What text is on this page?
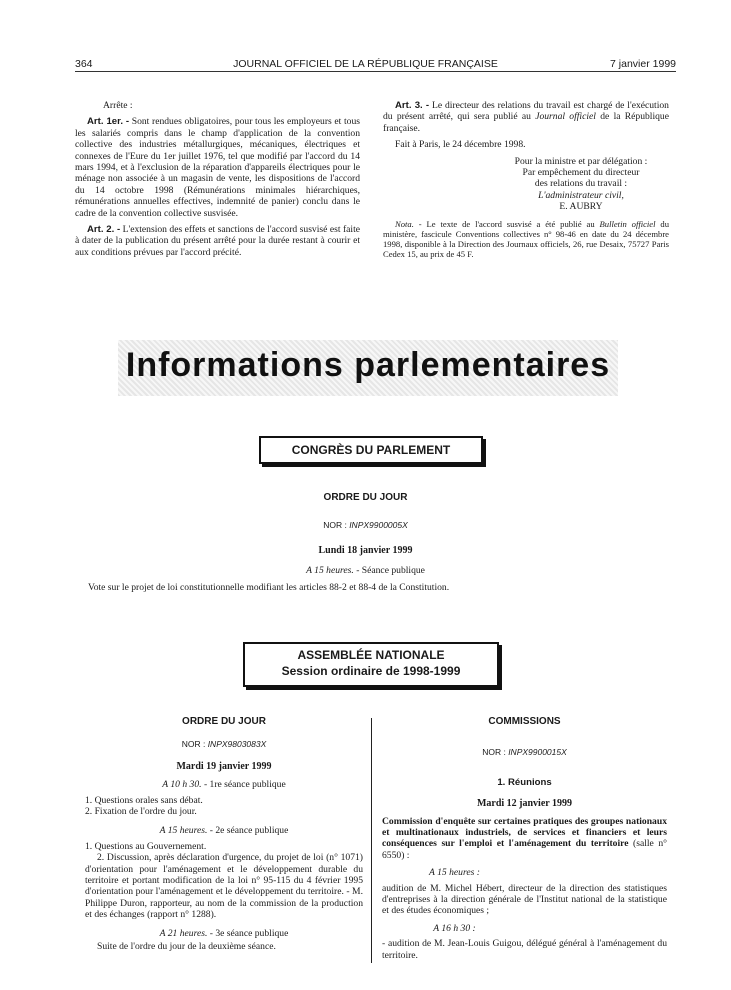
364	JOURNAL OFFICIEL DE LA RÉPUBLIQUE FRANÇAISE	7 janvier 1999

Arrête :

Art. 1er. - Sont rendues obligatoires, pour tous les employeurs et tous les salariés compris dans le champ d'application de la convention collective des industries métallurgiques, mécaniques, électriques et connexes de l'Eure du 1er juillet 1976, tel que modifié par l'accord du 14 mars 1994, et à l'exclusion de la réparation d'appareils électriques pour le ménage non associée à un magasin de vente, les dispositions de l'accord du 14 octobre 1998 (Rémunérations minimales hiérarchiques, rémunérations annuelles effectives, indemnité de panier) conclu dans le cadre de la convention collective susvisée.

Art. 2. - L'extension des effets et sanctions de l'accord susvisé est faite à dater de la publication du présent arrêté pour la durée restant à courir et aux conditions prévues par l'accord précité.

Art. 3. - Le directeur des relations du travail est chargé de l'exécution du présent arrêté, qui sera publié au Journal officiel de la République française.

Fait à Paris, le 24 décembre 1998.

Pour la ministre et par délégation :
Par empêchement du directeur
des relations du travail :
L'administrateur civil,
E. AUBRY

Nota. - Le texte de l'accord susvisé a été publié au Bulletin officiel du ministère, fascicule Conventions collectives n° 98-46 en date du 24 décembre 1998, disponible à la Direction des Journaux officiels, 26, rue Desaix, 75727 Paris Cedex 15, au prix de 45 F.

Informations parlementaires
CONGRÈS DU PARLEMENT
ORDRE DU JOUR
NOR : INPX9900005X
Lundi 18 janvier 1999
A 15 heures. - Séance publique
Vote sur le projet de loi constitutionnelle modifiant les articles 88-2 et 88-4 de la Constitution.
ASSEMBLÉE NATIONALE
Session ordinaire de 1998-1999
ORDRE DU JOUR
NOR : INPX9803083X
Mardi 19 janvier 1999
A 10 h 30. - 1re séance publique
1. Questions orales sans débat.
2. Fixation de l'ordre du jour.
A 15 heures. - 2e séance publique
1. Questions au Gouvernement.
2. Discussion, après déclaration d'urgence, du projet de loi (n° 1071) d'orientation pour l'aménagement et le développement durable du territoire et portant modification de la loi n° 95-115 du 4 février 1995 d'orientation pour l'aménagement et le développement du territoire. - M. Philippe Duron, rapporteur, au nom de la commission de la production et des échanges (rapport n° 1288).
A 21 heures. - 3e séance publique
Suite de l'ordre du jour de la deuxième séance.
COMMISSIONS
NOR : INPX9900015X
1. Réunions
Mardi 12 janvier 1999
Commission d'enquête sur certaines pratiques des groupes nationaux et multinationaux industriels, de services et financiers et leurs conséquences sur l'emploi et l'aménagement du territoire (salle n° 6550) :
A 15 heures :
audition de M. Michel Hébert, directeur de la direction des statistiques d'entreprises à la direction générale de l'Institut national de la statistique et des études économiques ;
A 16 h 30 :
- audition de M. Jean-Louis Guigou, délégué général à l'aménagement du territoire.
